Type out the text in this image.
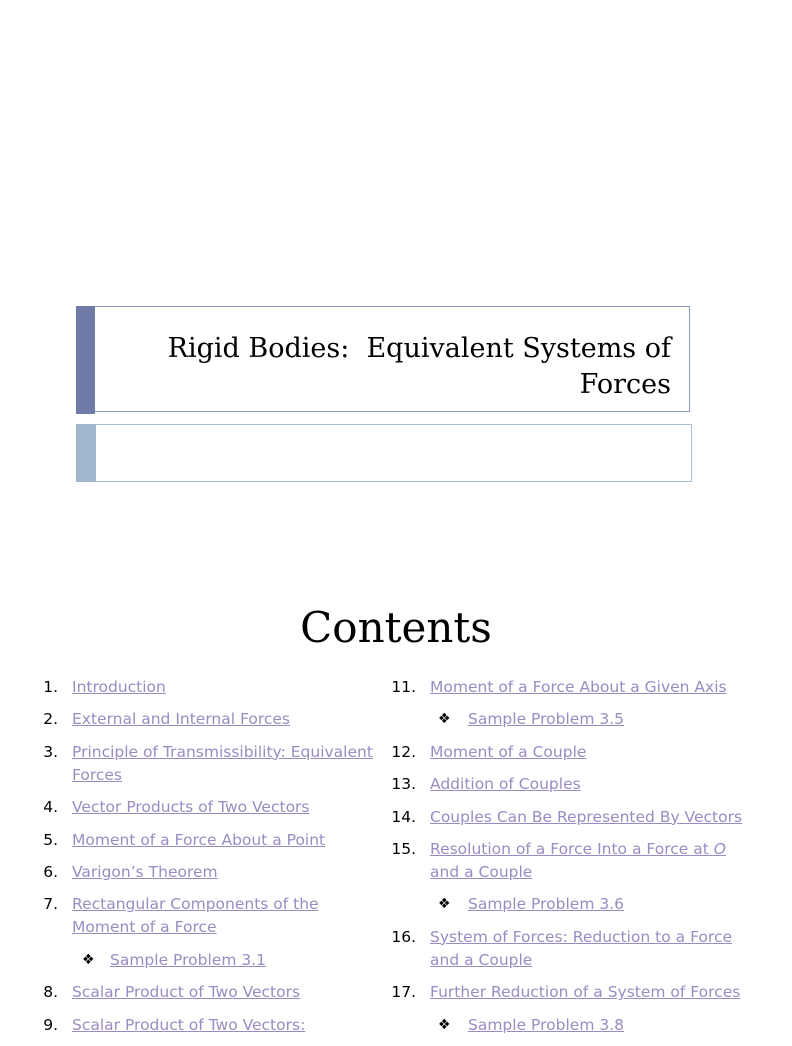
Rigid Bodies:  Equivalent Systems of Forces
Contents
1. Introduction
2. External and Internal Forces
3. Principle of Transmissibility: Equivalent Forces
4. Vector Products of Two Vectors
5. Moment of a Force About a Point
6. Varigon’s Theorem
7. Rectangular Components of the Moment of a Force
❖ Sample Problem 3.1
8. Scalar Product of Two Vectors
9. Scalar Product of Two Vectors:
11. Moment of a Force About a Given Axis
❖ Sample Problem 3.5
12. Moment of a Couple
13. Addition of Couples
14. Couples Can Be Represented By Vectors
15. Resolution of a Force Into a Force at O and a Couple
❖ Sample Problem 3.6
16. System of Forces: Reduction to a Force and a Couple
17. Further Reduction of a System of Forces
❖ Sample Problem 3.8
